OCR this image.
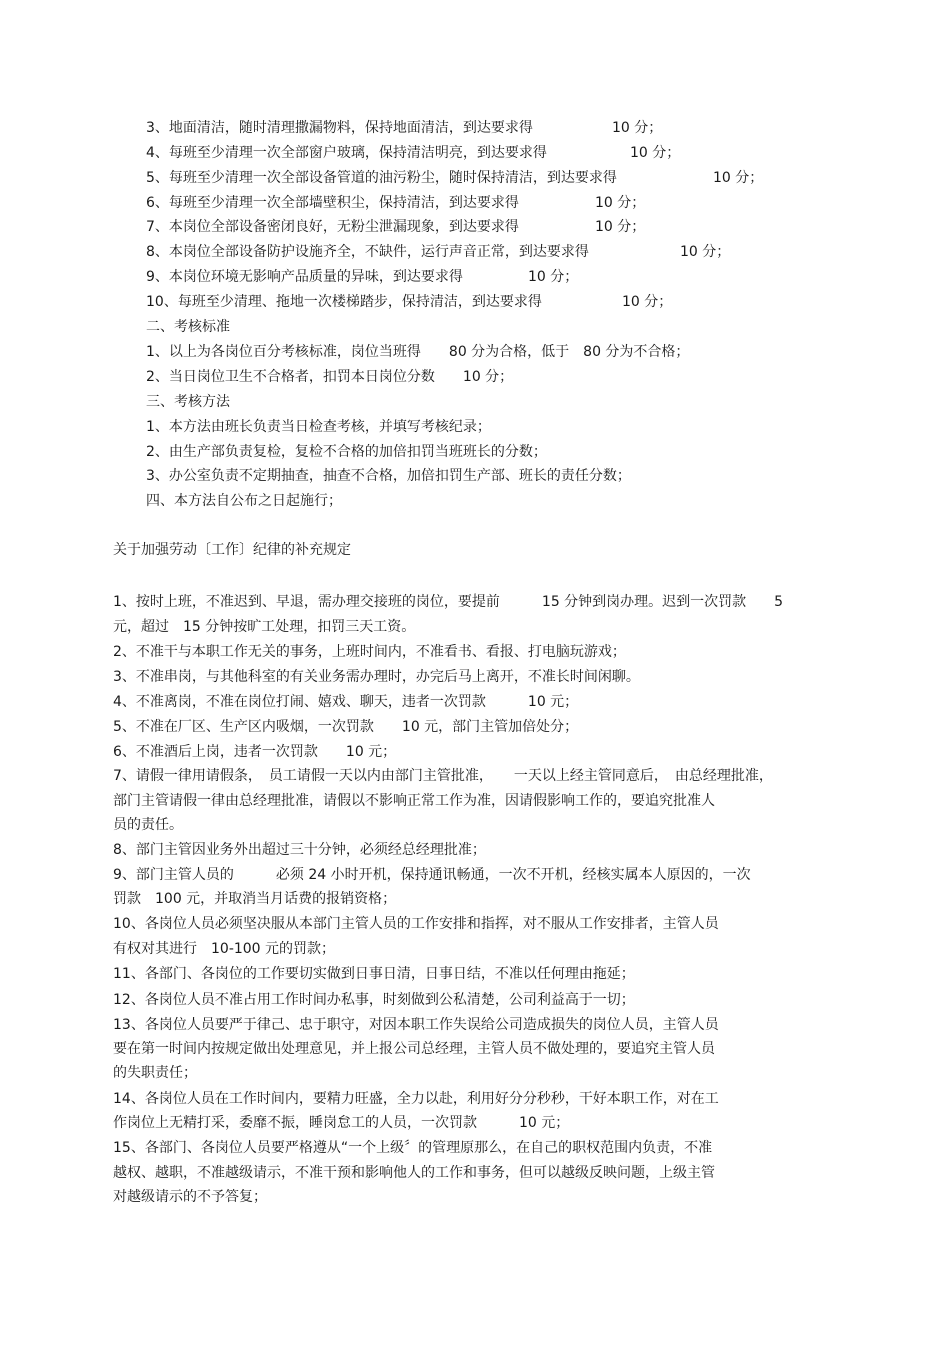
3、地面清洁，随时清理撒漏物料，保持地面清洁，到达要求得	10 分；
4、每班至少清理一次全部窗户玻璃，保持清洁明亮，到达要求得	10 分；
5、每班至少清理一次全部设备管道的油污粉尘，随时保持清洁，到达要求得	10 分；
6、每班至少清理一次全部墙壁积尘，保持清洁，到达要求得	10 分；
7、本岗位全部设备密闭良好，无粉尘泄漏现象，到达要求得	10 分；
8、本岗位全部设备防护设施齐全，不缺件，运行声音正常，到达要求得	10 分；
9、本岗位环境无影响产品质量的异味，到达要求得	10 分；
10、每班至少清理、拖地一次楼梯踏步，保持清洁，到达要求得	10 分；
二、考核标准
1、以上为各岗位百分考核标准，岗位当班得　　80 分为合格，低于　80 分为不合格；
2、当日岗位卫生不合格者，扣罚本日岗位分数　　10 分；
三、考核方法
1、本方法由班长负责当日检查考核，并填写考核纪录；
2、由生产部负责复检，复检不合格的加倍扣罚当班班长的分数；
3、办公室负责不定期抽查，抽查不合格，加倍扣罚生产部、班长的责任分数；
四、本方法自公布之日起施行；
关于加强劳动〔工作〕纪律的补充规定
1、按时上班，不准迟到、早退，需办理交接班的岗位，要提前　　　15 分钟到岗办理。迟到一次罚款　　5
元，超过　15 分钟按旷工处理，扣罚三天工资。
2、不准干与本职工作无关的事务，上班时间内，不准看书、看报、打电脑玩游戏；
3、不准串岗，与其他科室的有关业务需办理时，办完后马上离开，不准长时间闲聊。
4、不准离岗，不准在岗位打闹、嬉戏、聊天，违者一次罚款　　　10 元；
5、不准在厂区、生产区内吸烟，一次罚款　　10 元，部门主管加倍处分；
6、不准酒后上岗，违者一次罚款　　10 元；
7、请假一律用请假条，　员工请假一天以内由部门主管批准，　　一天以上经主管同意后，　由总经理批准，
部门主管请假一律由总经理批准，请假以不影响正常工作为准，因请假影响工作的，要追究批准人
员的责任。
8、部门主管因业务外出超过三十分钟，必须经总经理批准；
9、部门主管人员的　　　必须 24 小时开机，保持通讯畅通，一次不开机，经核实属本人原因的，一次
罚款　100 元，并取消当月话费的报销资格；
10、各岗位人员必须坚决服从本部门主管人员的工作安排和指挥，对不服从工作安排者，主管人员
有权对其进行　10-100 元的罚款；
11、各部门、各岗位的工作要切实做到日事日清，日事日结，不准以任何理由拖延；
12、各岗位人员不准占用工作时间办私事，时刻做到公私清楚，公司利益高于一切；
13、各岗位人员要严于律己、忠于职守，对因本职工作失误给公司造成损失的岗位人员，主管人员
要在第一时间内按规定做出处理意见，并上报公司总经理，主管人员不做处理的，要追究主管人员
的失职责任；
14、各岗位人员在工作时间内，要精力旺盛，全力以赴，利用好分分秒秒，干好本职工作，对在工
作岗位上无精打采，委靡不振，睡岗怠工的人员，一次罚款　　　10 元；
15、各部门、各岗位人员要严格遵从“一个上级〞的管理原那么，在自己的职权范围内负责，不准
越权、越职，不准越级请示，不准干预和影响他人的工作和事务，但可以越级反映问题，上级主管
对越级请示的不予答复；
